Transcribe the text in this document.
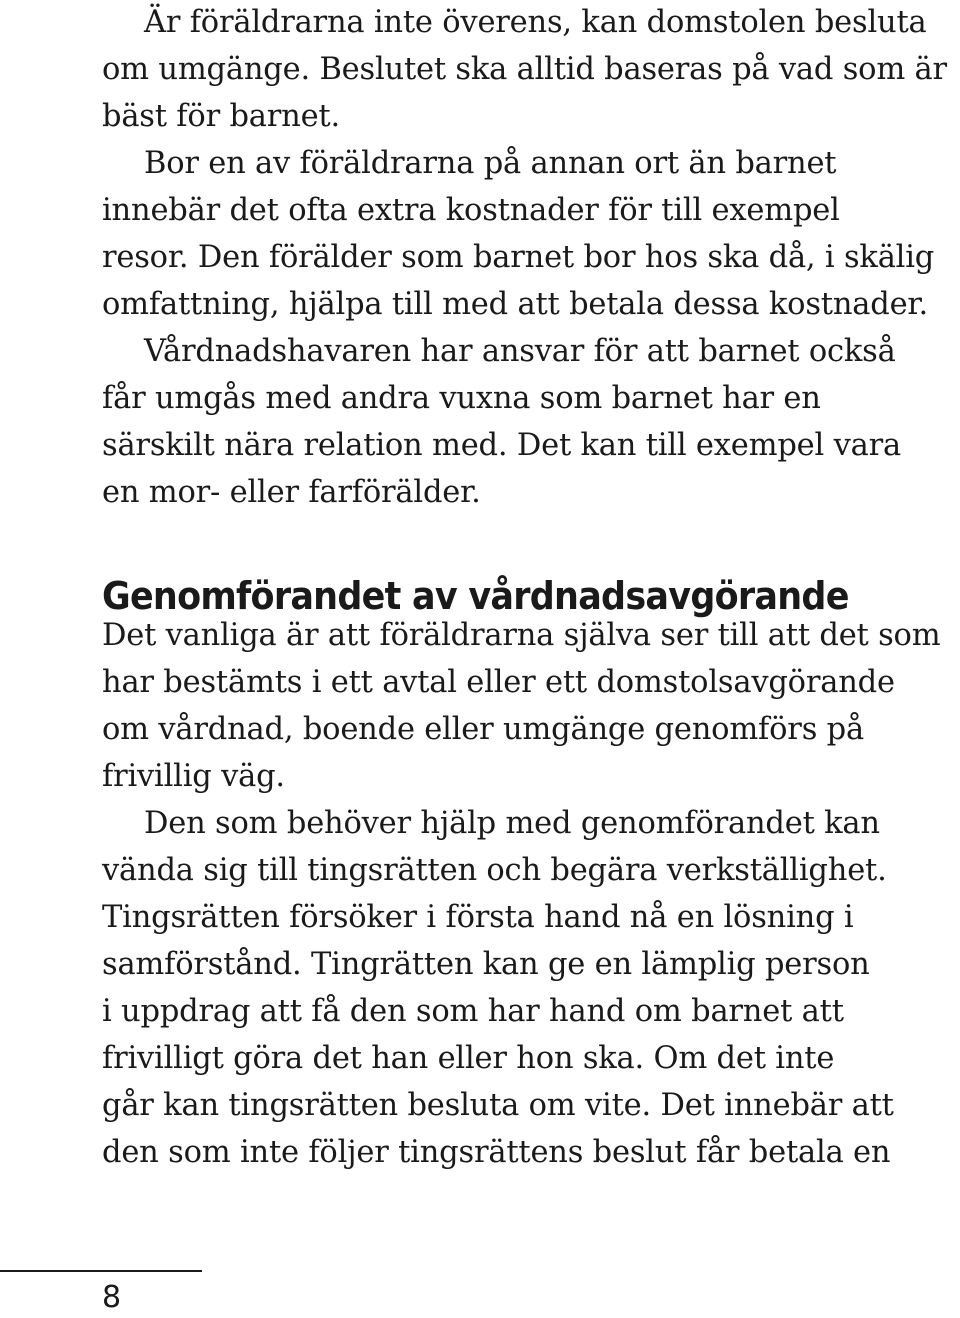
Är föräldrarna inte överens, kan domstolen besluta
om umgänge. Beslutet ska alltid baseras på vad som är
bäst för barnet.
Bor en av föräldrarna på annan ort än barnet
innebär det ofta extra kostnader för till exempel
resor. Den förälder som barnet bor hos ska då, i skälig
omfattning, hjälpa till med att betala dessa kostnader.
Vårdnadshavaren har ansvar för att barnet också
får umgås med andra vuxna som barnet har en
särskilt nära relation med. Det kan till exempel vara
en mor- eller farförälder.
Genomförandet av vårdnadsavgörande
Det vanliga är att föräldrarna själva ser till att det som
har bestämts i ett avtal eller ett domstolsavgörande
om vårdnad, boende eller umgänge genomförs på
frivillig väg.
Den som behöver hjälp med genomförandet kan
vända sig till tingsrätten och begära verkställighet.
Tingsrätten försöker i första hand nå en lösning i
samförstånd. Tingrätten kan ge en lämplig person
i uppdrag att få den som har hand om barnet att
frivilligt göra det han eller hon ska. Om det inte
går kan tingsrätten besluta om vite. Det innebär att
den som inte följer tingsrättens beslut får betala en
8
